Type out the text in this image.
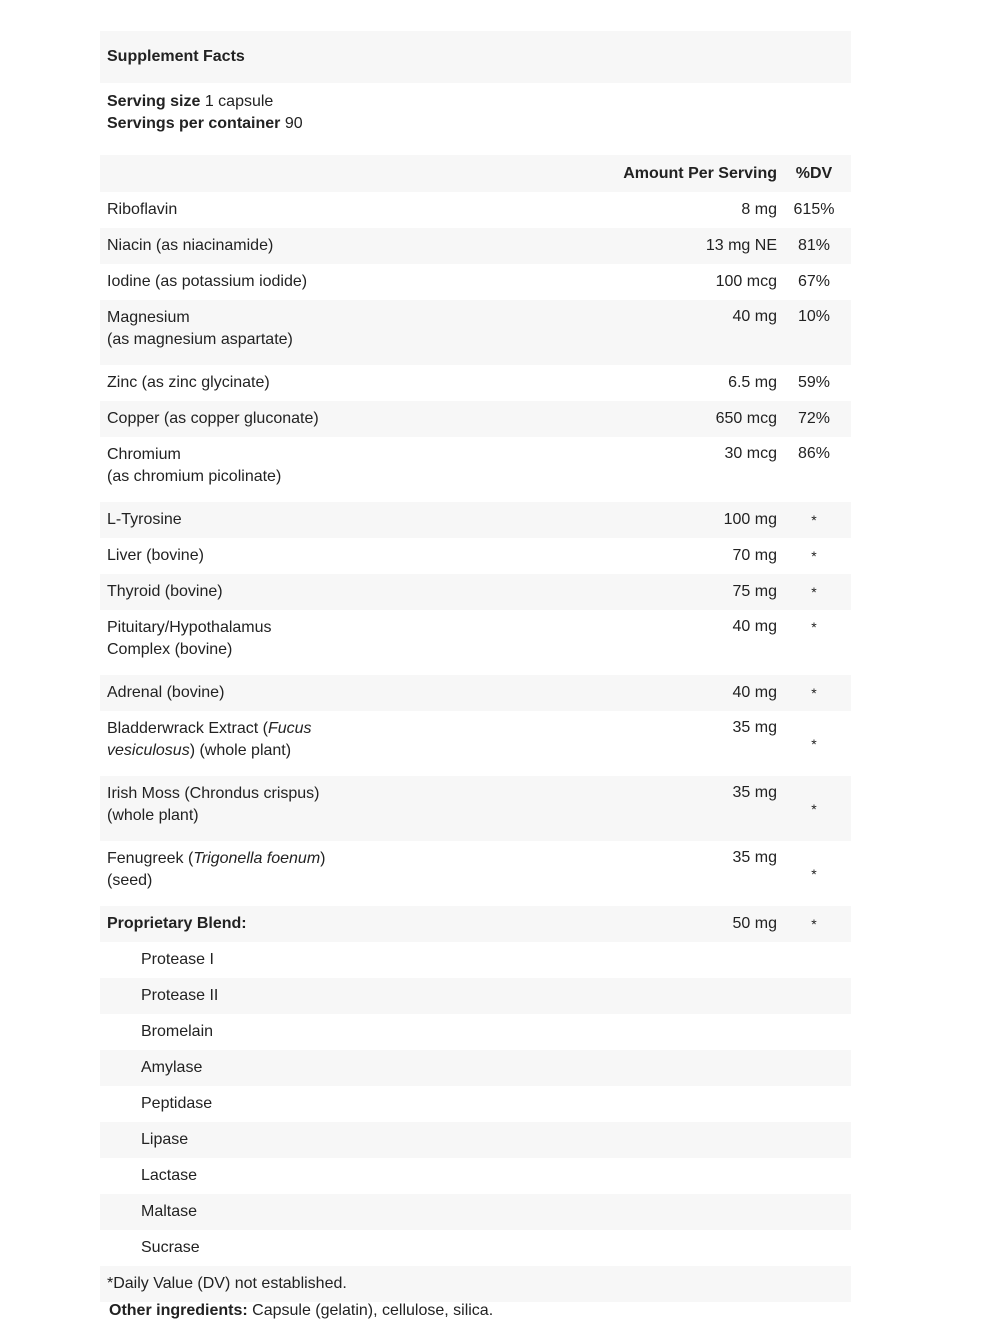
Supplement Facts
Serving size 1 capsule
Servings per container 90
	Amount Per Serving	%DV
Riboflavin	8 mg	615%
Niacin (as niacinamide)	13 mg NE	81%
Iodine (as potassium iodide)	100 mcg	67%
Magnesium
(as magnesium aspartate)	40 mg	10%
Zinc (as zinc glycinate)	6.5 mg	59%
Copper (as copper gluconate)	650 mcg	72%
Chromium
(as chromium picolinate)	30 mcg	86%
L-Tyrosine	100 mg	*
Liver (bovine)	70 mg	*
Thyroid (bovine)	75 mg	*
Pituitary/Hypothalamus
Complex (bovine)	40 mg	*
Adrenal (bovine)	40 mg	*
Bladderwrack Extract (Fucus
vesiculosus) (whole plant)	35 mg	*
Irish Moss (Chrondus crispus)
(whole plant)	35 mg	*
Fenugreek (Trigonella foenum)
(seed)	35 mg	*
Proprietary Blend:	50 mg	*
Protease I		
Protease II		
Bromelain		
Amylase		
Peptidase		
Lipase		
Lactase		
Maltase		
Sucrase		
*Daily Value (DV) not established.
Other ingredients: Capsule (gelatin), cellulose, silica.
